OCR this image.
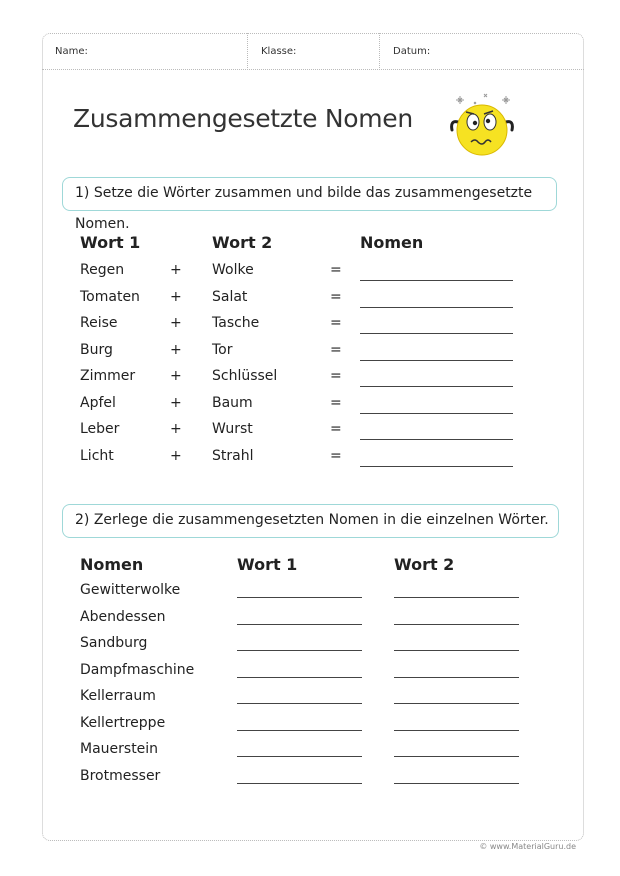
Name:	Klasse:	Datum:
Zusammengesetzte Nomen
1) Setze die Wörter zusammen und bilde das zusammengesetzte Nomen.
Wort 1	Wort 2	Nomen
Regen	+ Wolke	=
Tomaten + Salat	=
Reise	+ Tasche	=
Burg	+ Tor	=
Zimmer + Schlüssel	=
Apfel	+ Baum	=
Leber	+ Wurst	=
Licht	+ Strahl	=
2) Zerlege die zusammengesetzten Nomen in die einzelnen Wörter.
Nomen	Wort 1	Wort 2
Gewitterwolke
Abendessen
Sandburg
Dampfmaschine
Kellerraum
Kellertreppe
Mauerstein
Brotmesser
© www.MaterialGuru.de
